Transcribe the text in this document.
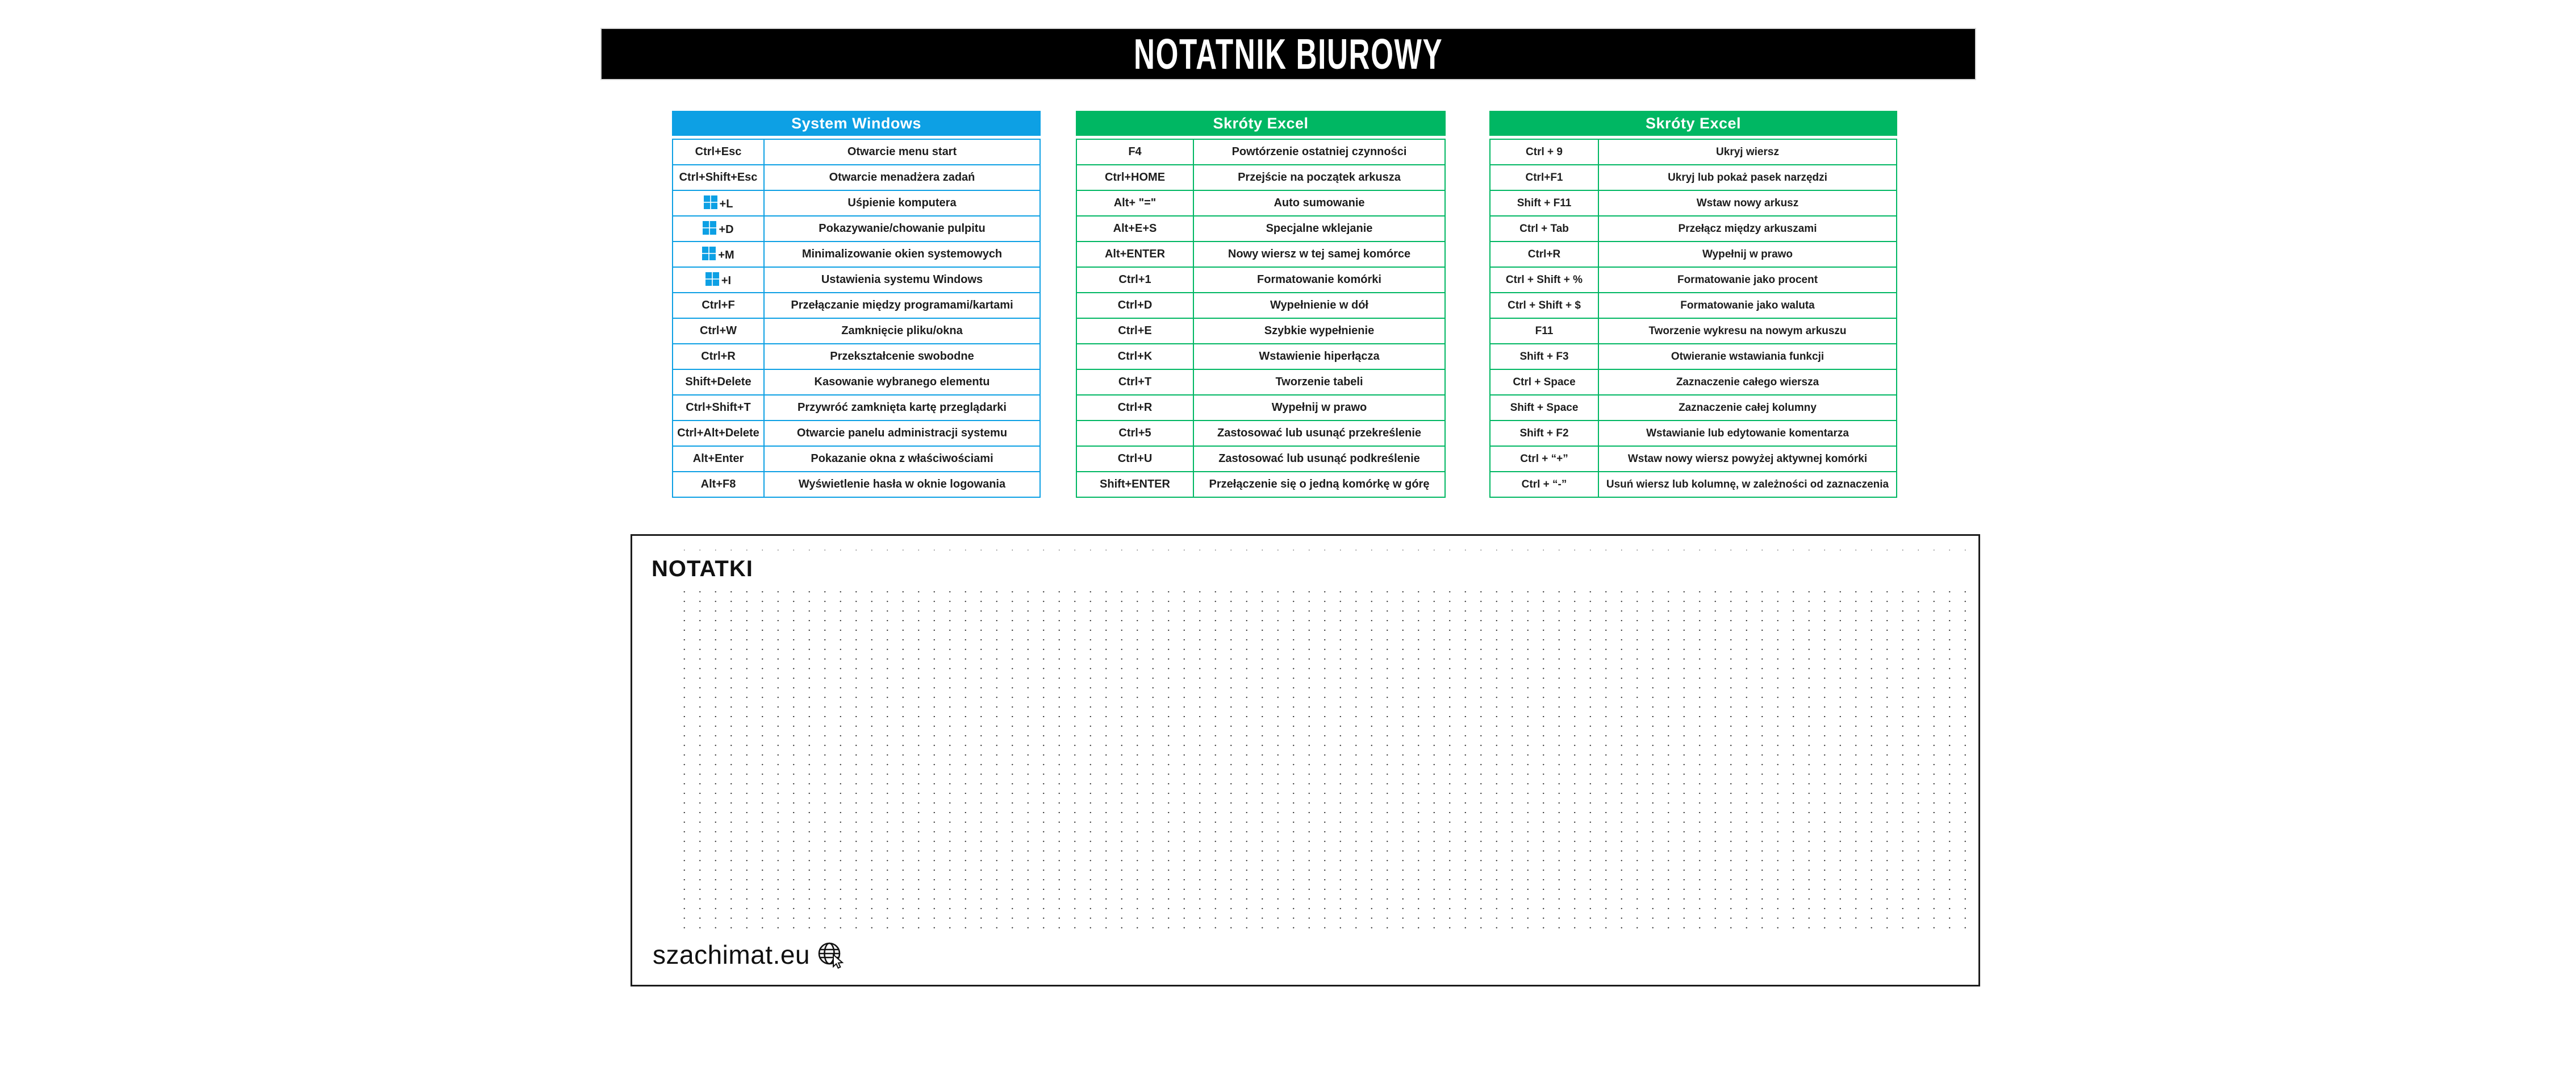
NOTATNIK BIUROWY
System Windows
Ctrl+Esc	Otwarcie menu start
Ctrl+Shift+Esc	Otwarcie menadżera zadań
+L	Uśpienie komputera
+D	Pokazywanie/chowanie pulpitu
+M	Minimalizowanie okien systemowych
+I	Ustawienia systemu Windows
Ctrl+F	Przełączanie między programami/kartami
Ctrl+W	Zamknięcie pliku/okna
Ctrl+R	Przekształcenie swobodne
Shift+Delete	Kasowanie wybranego elementu
Ctrl+Shift+T	Przywróć zamknięta kartę przeglądarki
Ctrl+Alt+Delete	Otwarcie panelu administracji systemu
Alt+Enter	Pokazanie okna z właściwościami
Alt+F8	Wyświetlenie hasła w oknie logowania
Skróty Excel
F4	Powtórzenie ostatniej czynności
Ctrl+HOME	Przejście na początek arkusza
Alt+ "="	Auto sumowanie
Alt+E+S	Specjalne wklejanie
Alt+ENTER	Nowy wiersz w tej samej komórce
Ctrl+1	Formatowanie komórki
Ctrl+D	Wypełnienie w dół
Ctrl+E	Szybkie wypełnienie
Ctrl+K	Wstawienie hiperłącza
Ctrl+T	Tworzenie tabeli
Ctrl+R	Wypełnij w prawo
Ctrl+5	Zastosować lub usunąć przekreślenie
Ctrl+U	Zastosować lub usunąć podkreślenie
Shift+ENTER	Przełączenie się o jedną komórkę w górę
Skróty Excel
Ctrl + 9	Ukryj wiersz
Ctrl+F1	Ukryj lub pokaż pasek narzędzi
Shift + F11	Wstaw nowy arkusz
Ctrl + Tab	Przełącz między arkuszami
Ctrl+R	Wypełnij w prawo
Ctrl + Shift + %	Formatowanie jako procent
Ctrl + Shift + $	Formatowanie jako waluta
F11	Tworzenie wykresu na nowym arkuszu
Shift + F3	Otwieranie wstawiania funkcji
Ctrl + Space	Zaznaczenie całego wiersza
Shift + Space	Zaznaczenie całej kolumny
Shift + F2	Wstawianie lub edytowanie komentarza
Ctrl + “+”	Wstaw nowy wiersz powyżej aktywnej komórki
Ctrl + “-”	Usuń wiersz lub kolumnę, w zależności od zaznaczenia
NOTATKI
szachimat.eu
